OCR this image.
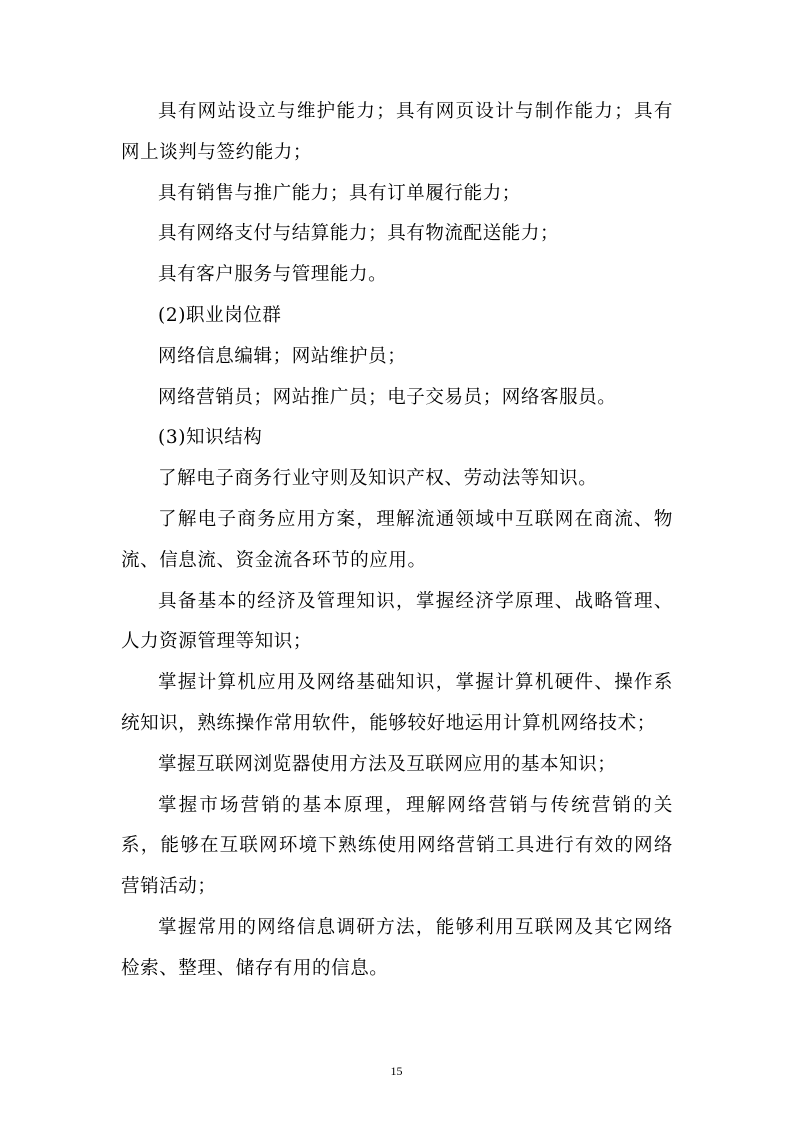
具有网站设立与维护能力；具有网页设计与制作能力；具有网上谈判与签约能力；

具有销售与推广能力；具有订单履行能力；

具有网络支付与结算能力；具有物流配送能力；

具有客户服务与管理能力。

(2)职业岗位群

网络信息编辑；网站维护员；

网络营销员；网站推广员；电子交易员；网络客服员。

(3)知识结构

了解电子商务行业守则及知识产权、劳动法等知识。

了解电子商务应用方案，理解流通领域中互联网在商流、物流、信息流、资金流各环节的应用。

具备基本的经济及管理知识，掌握经济学原理、战略管理、人力资源管理等知识；

掌握计算机应用及网络基础知识，掌握计算机硬件、操作系统知识，熟练操作常用软件，能够较好地运用计算机网络技术；

掌握互联网浏览器使用方法及互联网应用的基本知识；

掌握市场营销的基本原理，理解网络营销与传统营销的关系，能够在互联网环境下熟练使用网络营销工具进行有效的网络营销活动；

掌握常用的网络信息调研方法，能够利用互联网及其它网络检索、整理、储存有用的信息。

15
